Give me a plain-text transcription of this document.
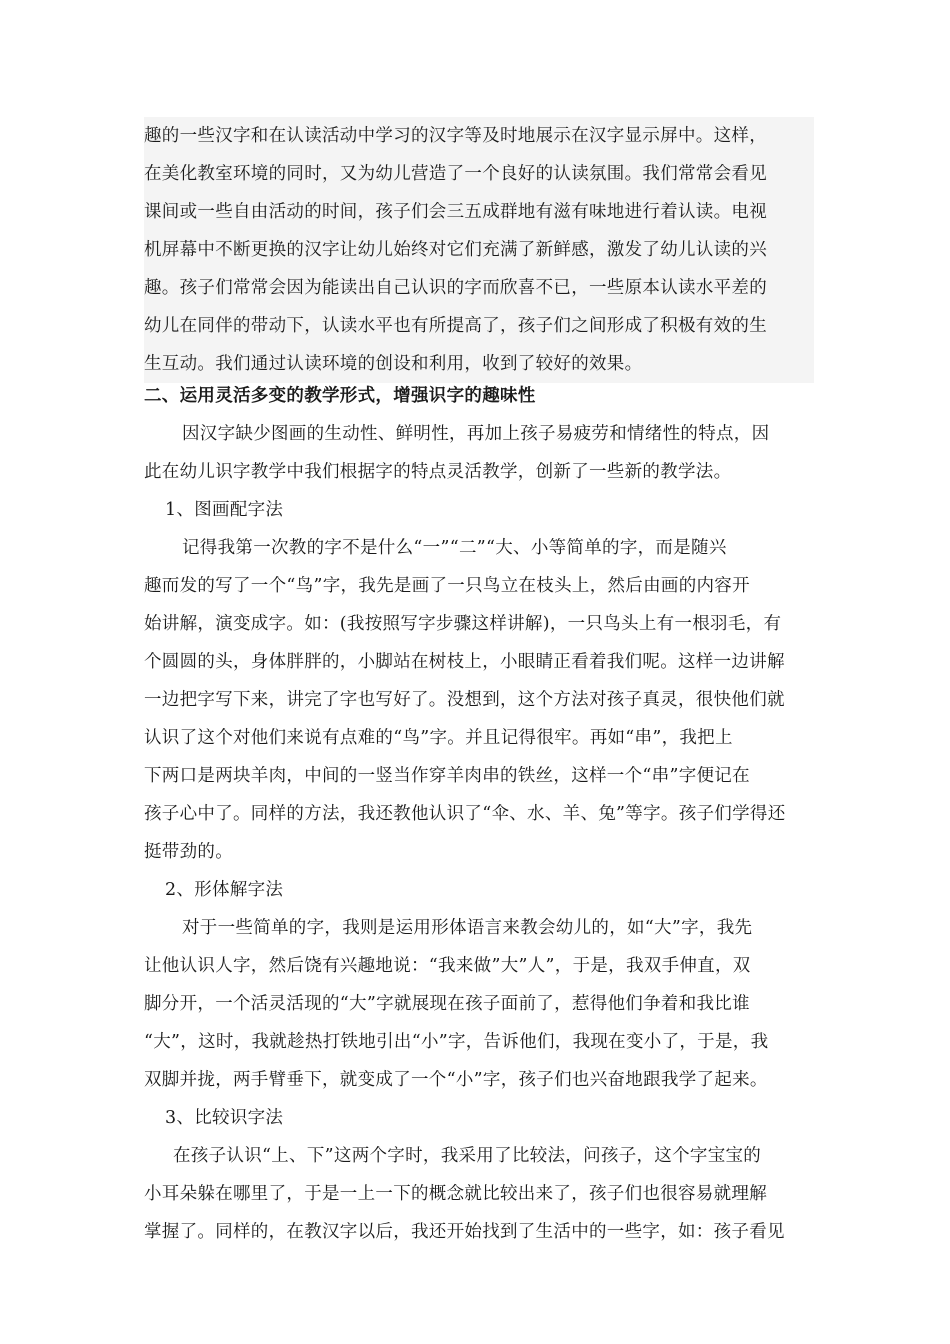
趣的一些汉字和在认读活动中学习的汉字等及时地展示在汉字显示屏中。这样，
在美化教室环境的同时，又为幼儿营造了一个良好的认读氛围。我们常常会看见
课间或一些自由活动的时间，孩子们会三五成群地有滋有味地进行着认读。电视
机屏幕中不断更换的汉字让幼儿始终对它们充满了新鲜感，激发了幼儿认读的兴
趣。孩子们常常会因为能读出自己认识的字而欣喜不已，一些原本认读水平差的
幼儿在同伴的带动下，认读水平也有所提高了，孩子们之间形成了积极有效的生
生互动。我们通过认读环境的创设和利用，收到了较好的效果。
二、运用灵活多变的教学形式，增强识字的趣味性
因汉字缺少图画的生动性、鲜明性，再加上孩子易疲劳和情绪性的特点，因
此在幼儿识字教学中我们根据字的特点灵活教学，创新了一些新的教学法。
1、图画配字法
记得我第一次教的字不是什么“一”“二”“大、小等简单的字，而是随兴
趣而发的写了一个“鸟”字，我先是画了一只鸟立在枝头上，然后由画的内容开
始讲解，演变成字。如：(我按照写字步骤这样讲解)，一只鸟头上有一根羽毛，有
个圆圆的头，身体胖胖的，小脚站在树枝上，小眼睛正看着我们呢。这样一边讲解
一边把字写下来，讲完了字也写好了。没想到，这个方法对孩子真灵，很快他们就
认识了这个对他们来说有点难的“鸟”字。并且记得很牢。再如“串”，我把上
下两口是两块羊肉，中间的一竖当作穿羊肉串的铁丝，这样一个“串”字便记在
孩子心中了。同样的方法，我还教他认识了“伞、水、羊、兔”等字。孩子们学得还
挺带劲的。
2、形体解字法
对于一些简单的字，我则是运用形体语言来教会幼儿的，如“大”字，我先
让他认识人字，然后饶有兴趣地说：“我来做”大”人”，于是，我双手伸直，双
脚分开，一个活灵活现的“大”字就展现在孩子面前了，惹得他们争着和我比谁
“大”，这时，我就趁热打铁地引出“小”字，告诉他们，我现在变小了，于是，我
双脚并拢，两手臂垂下，就变成了一个“小”字，孩子们也兴奋地跟我学了起来。
3、比较识字法
在孩子认识“上、下”这两个字时，我采用了比较法，问孩子，这个字宝宝的
小耳朵躲在哪里了，于是一上一下的概念就比较出来了，孩子们也很容易就理解
掌握了。同样的，在教汉字以后，我还开始找到了生活中的一些字，如：孩子看见
